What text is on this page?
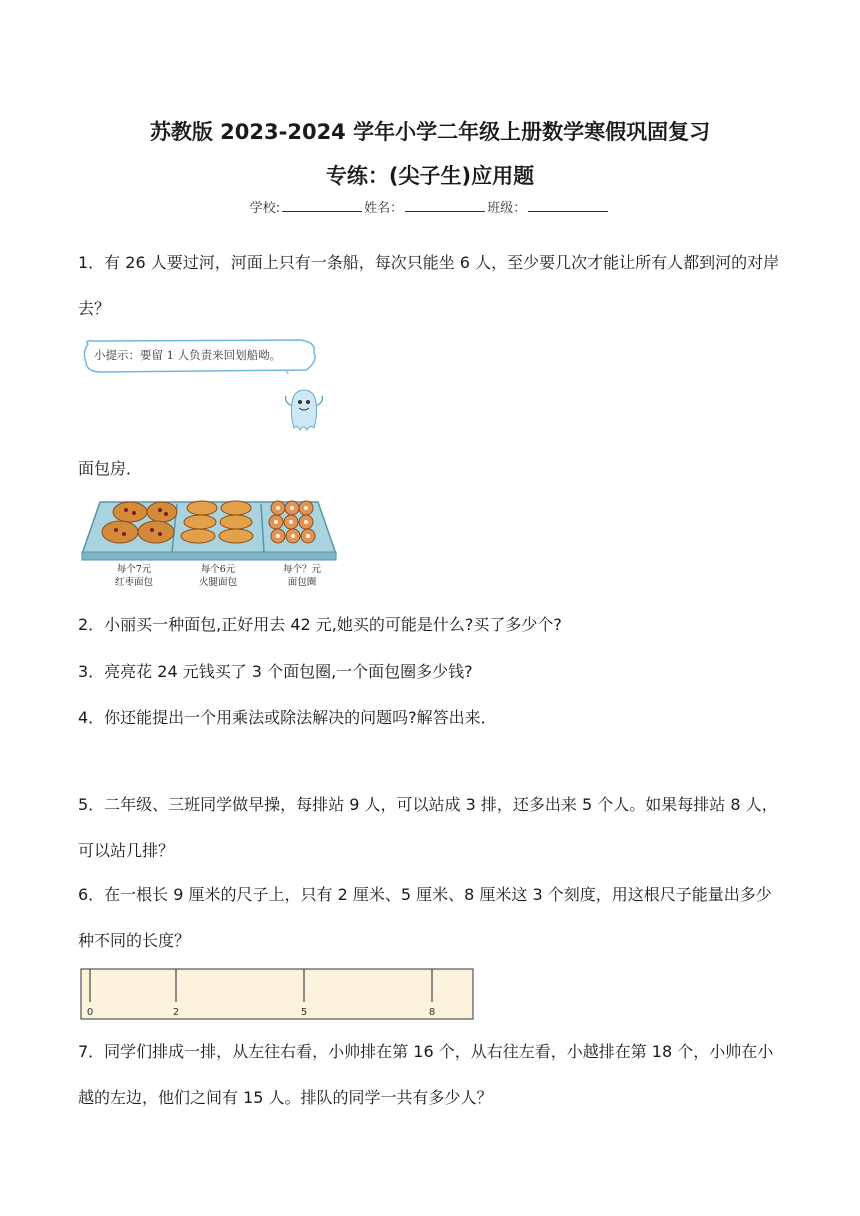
苏教版 2023-2024 学年小学二年级上册数学寒假巩固复习
专练：(尖子生)应用题
学校:	姓名：	班级：
1．有 26 人要过河，河面上只有一条船，每次只能坐 6 人，至少要几次才能让所有人都到河的对岸去？
小提示：要留 1 人负责来回划船呦。
面包房．
每个7元
红枣面包
每个6元
火腿面包
每个？元
面包圈
2．小丽买一种面包,正好用去 42 元,她买的可能是什么?买了多少个?
3．亮亮花 24 元钱买了 3 个面包圈,一个面包圈多少钱?
4．你还能提出一个用乘法或除法解决的问题吗?解答出来．
5．二年级、三班同学做早操，每排站 9 人，可以站成 3 排，还多出来 5 个人。如果每排站 8 人，可以站几排？
6．在一根长 9 厘米的尺子上，只有 2 厘米、5 厘米、8 厘米这 3 个刻度，用这根尺子能量出多少种不同的长度？
0	2	5	8
7．同学们排成一排，从左往右看，小帅排在第 16 个，从右往左看，小越排在第 18 个，小帅在小越的左边，他们之间有 15 人。排队的同学一共有多少人？
